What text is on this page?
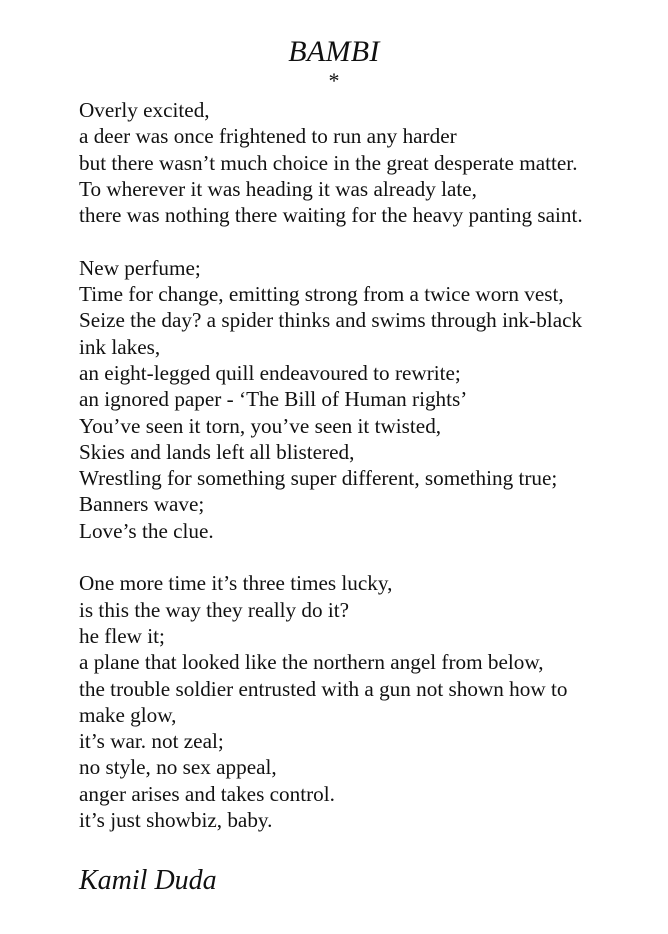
BAMBI
*
Overly excited,
a deer was once frightened to run any harder
but there wasn’t much choice in the great desperate matter.
To wherever it was heading it was already late,
there was nothing there waiting for the heavy panting saint.
New perfume;
Time for change, emitting strong from a twice worn vest,
Seize the day? a spider thinks and swims through ink-black
ink lakes,
an eight-legged quill endeavoured to rewrite;
an ignored paper - ‘The Bill of Human rights’
You’ve seen it torn, you’ve seen it twisted,
Skies and lands left all blistered,
Wrestling for something super different, something true;
Banners wave;
Love’s the clue.
One more time it’s three times lucky,
is this the way they really do it?
he flew it;
a plane that looked like the northern angel from below,
the trouble soldier entrusted with a gun not shown how to
make glow,
it’s war. not zeal;
no style, no sex appeal,
anger arises and takes control.
it’s just showbiz, baby.
Kamil Duda
